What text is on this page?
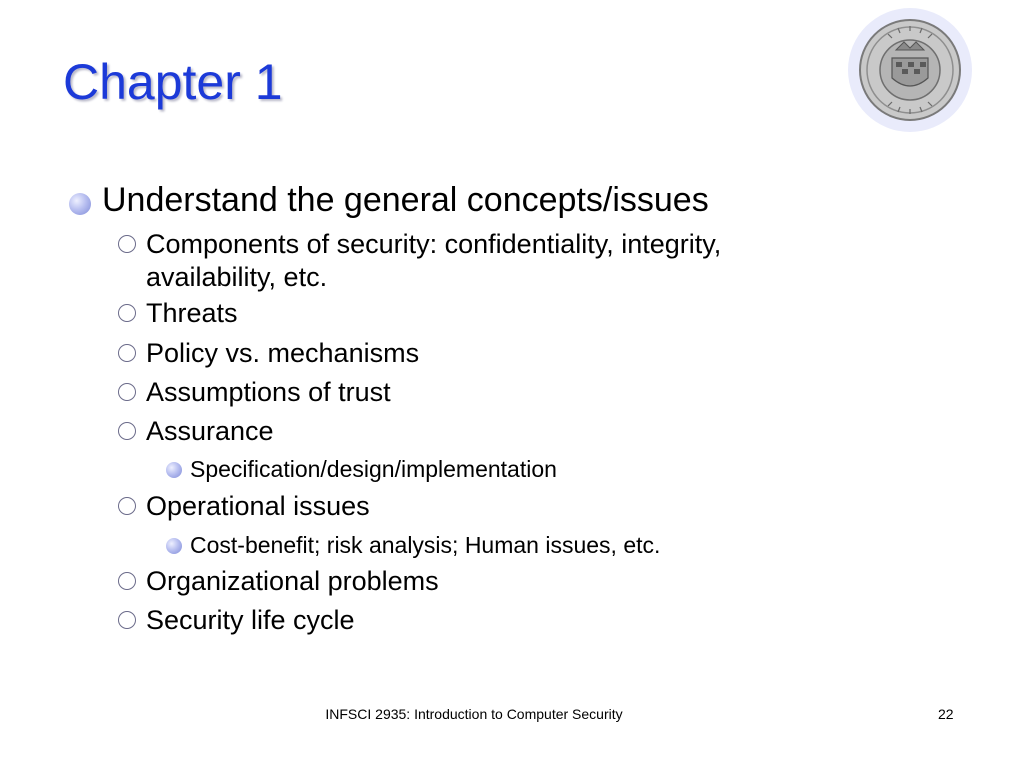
Chapter 1
Understand the general concepts/issues
Components of security: confidentiality, integrity,
availability, etc.
Threats
Policy vs. mechanisms
Assumptions of trust
Assurance
Specification/design/implementation
Operational issues
Cost-benefit; risk analysis; Human issues, etc.
Organizational problems
Security life cycle
INFSCI 2935: Introduction to Computer Security	22
